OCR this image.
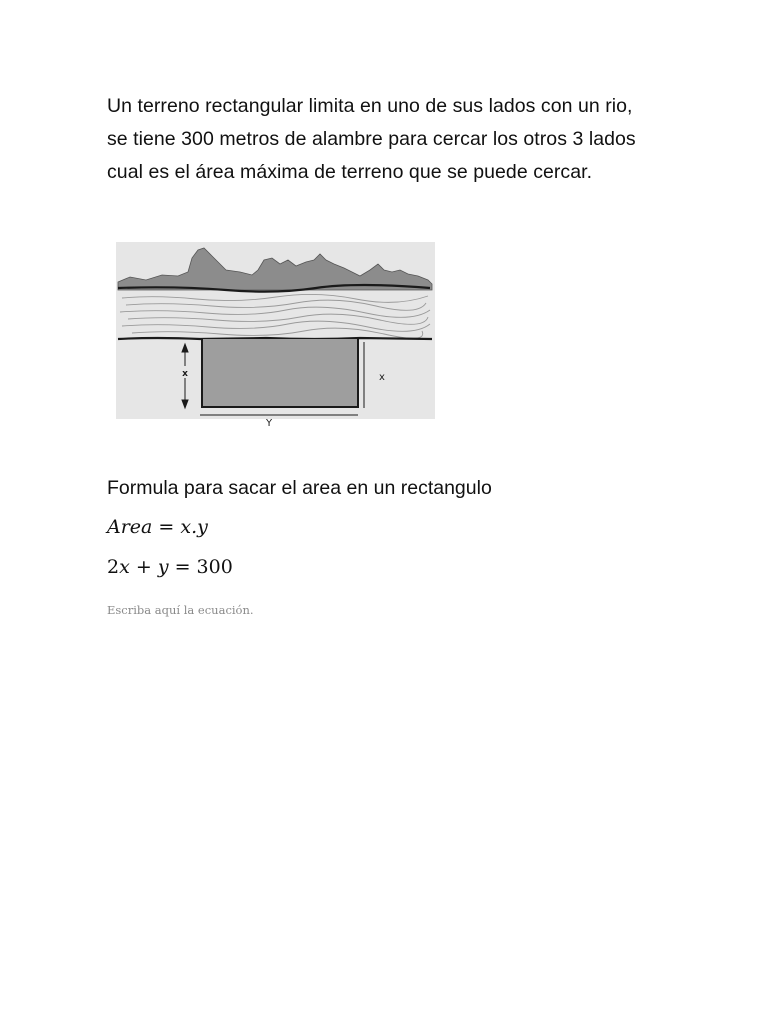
Un terreno rectangular limita en uno de sus lados con un rio,
se tiene 300 metros de alambre para cercar los otros 3 lados
cual es el área máxima de terreno que se puede cercar.
x	x
Y
Formula para sacar el area en un rectangulo
Area = x.y
2x + y = 300
Escriba aquí la ecuación.
